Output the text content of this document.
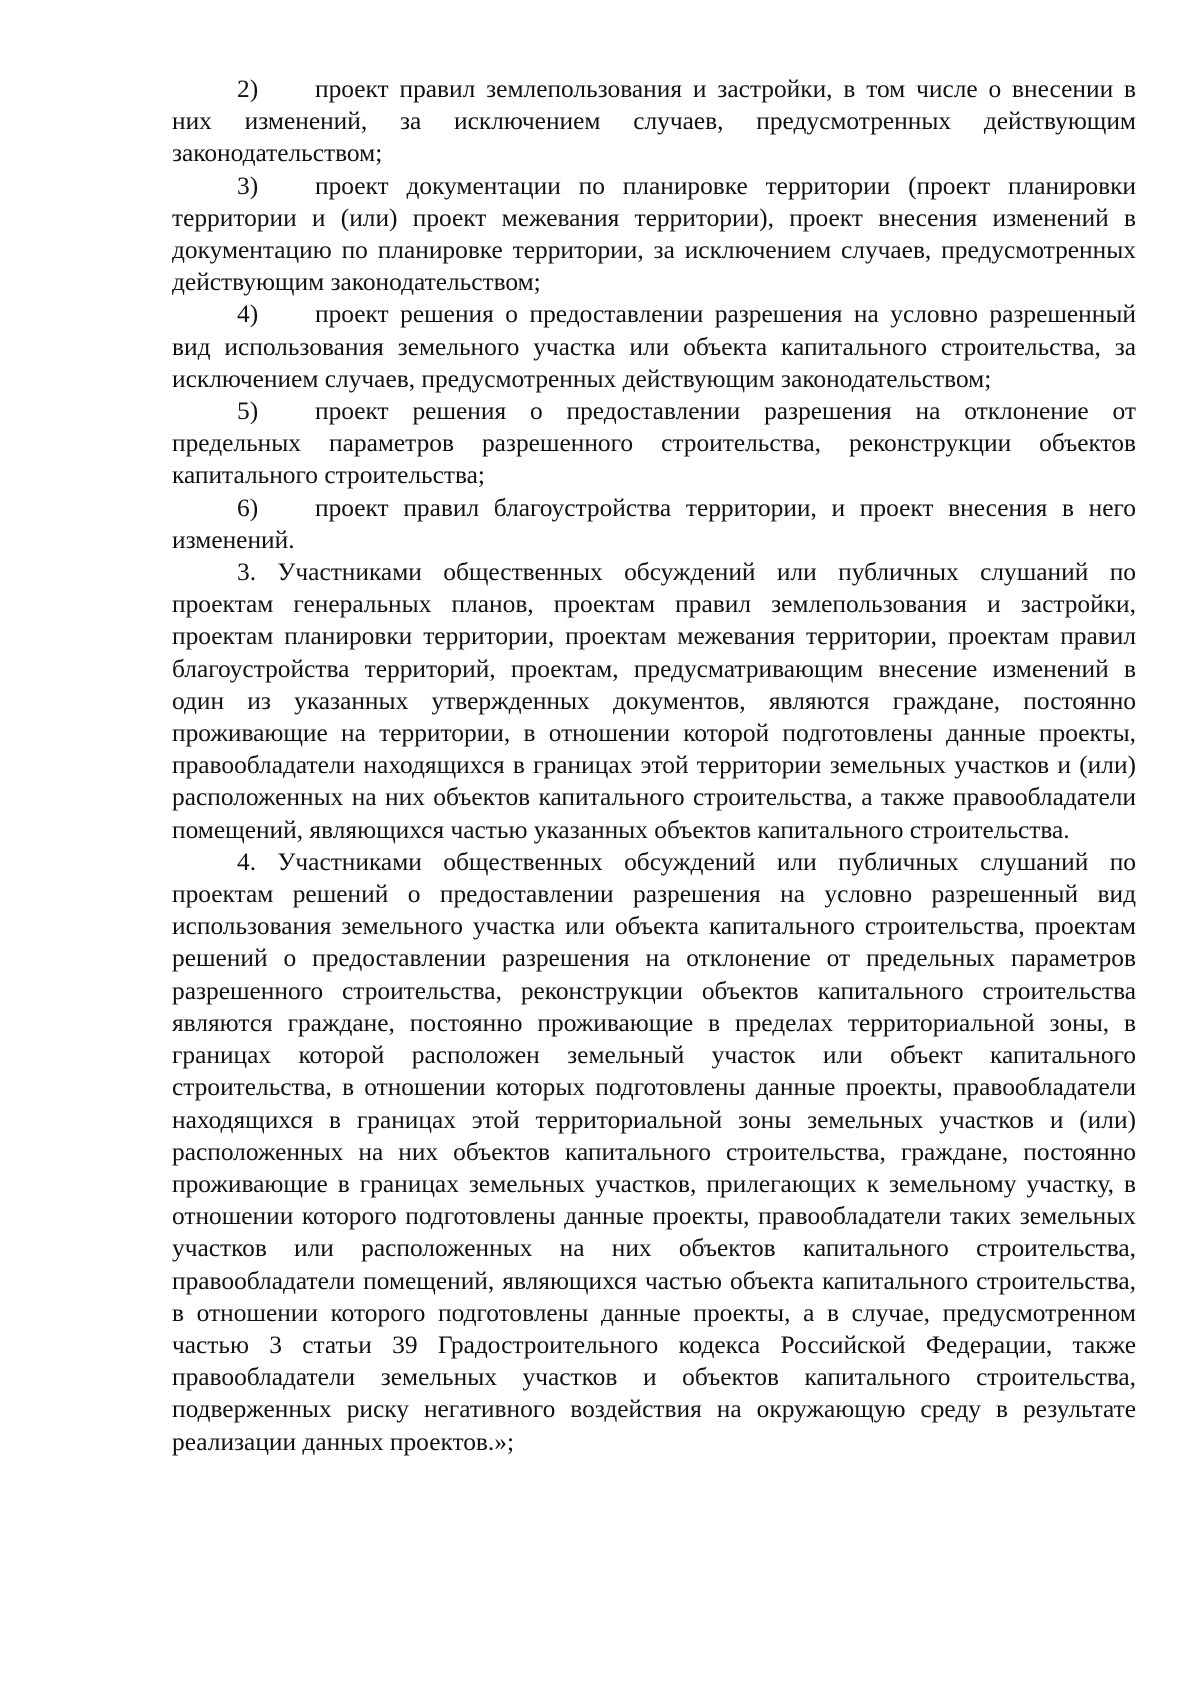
2) проект правил землепользования и застройки, в том числе о внесении в них изменений, за исключением случаев, предусмотренных действующим законодательством;

3) проект документации по планировке территории (проект планировки территории и (или) проект межевания территории), проект внесения изменений в документацию по планировке территории, за исключением случаев, предусмотренных действующим законодательством;

4) проект решения о предоставлении разрешения на условно разрешенный вид использования земельного участка или объекта капитального строительства, за исключением случаев, предусмотренных действующим законодательством;

5) проект решения о предоставлении разрешения на отклонение от предельных параметров разрешенного строительства, реконструкции объектов капитального строительства;

6) проект правил благоустройства территории, и проект внесения в него изменений.

3. Участниками общественных обсуждений или публичных слушаний по проектам генеральных планов, проектам правил землепользования и застройки, проектам планировки территории, проектам межевания территории, проектам правил благоустройства территорий, проектам, предусматривающим внесение изменений в один из указанных утвержденных документов, являются граждане, постоянно проживающие на территории, в отношении которой подготовлены данные проекты, правообладатели находящихся в границах этой территории земельных участков и (или) расположенных на них объектов капитального строительства, а также правообладатели помещений, являющихся частью указанных объектов капитального строительства.

4. Участниками общественных обсуждений или публичных слушаний по проектам решений о предоставлении разрешения на условно разрешенный вид использования земельного участка или объекта капитального строительства, проектам решений о предоставлении разрешения на отклонение от предельных параметров разрешенного строительства, реконструкции объектов капитального строительства являются граждане, постоянно проживающие в пределах территориальной зоны, в границах которой расположен земельный участок или объект капитального строительства, в отношении которых подготовлены данные проекты, правообладатели находящихся в границах этой территориальной зоны земельных участков и (или) расположенных на них объектов капитального строительства, граждане, постоянно проживающие в границах земельных участков, прилегающих к земельному участку, в отношении которого подготовлены данные проекты, правообладатели таких земельных участков или расположенных на них объектов капитального строительства, правообладатели помещений, являющихся частью объекта капитального строительства, в отношении которого подготовлены данные проекты, а в случае, предусмотренном частью 3 статьи 39 Градостроительного кодекса Российской Федерации, также правообладатели земельных участков и объектов капитального строительства, подверженных риску негативного воздействия на окружающую среду в результате реализации данных проектов.»;
